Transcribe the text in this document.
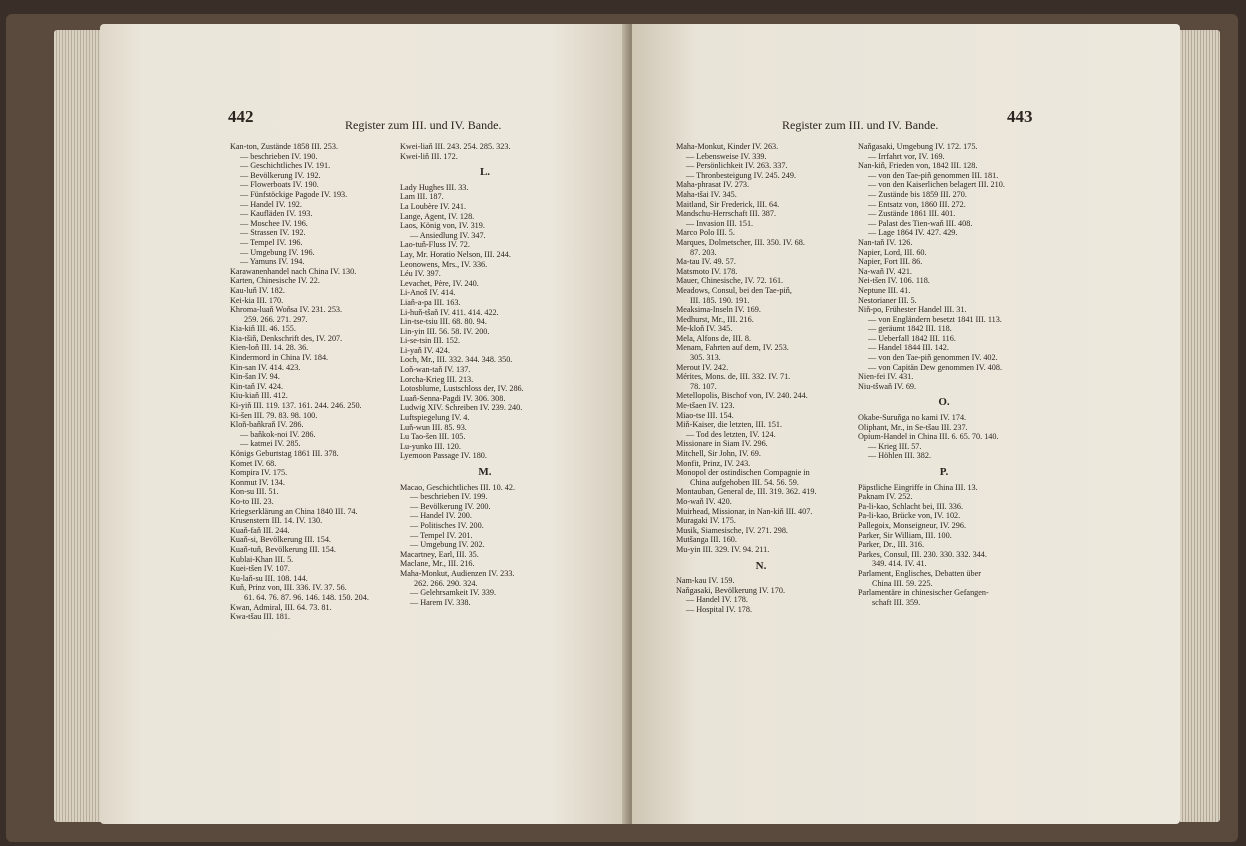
442	Register zum III. und IV. Bande.
Kan-ton, Zustände 1858 III. 253.
— beschrieben IV. 190.
— Geschichtliches IV. 191.
— Bevölkerung IV. 192.
— Flowerboats IV. 190.
— Fünfstöckige Pagode IV. 193.
— Handel IV. 192.
— Kaufläden IV. 193.
— Moschee IV. 196.
— Strassen IV. 192.
— Tempel IV. 196.
— Umgebung IV. 196.
— Yamuns IV. 194.
Karawanenhandel nach China IV. 130.
Karten, Chinesische IV. 22.
Kau-luň IV. 182.
Kei-kia III. 170.
Khroma-luaň Woňsa IV. 231. 253.
259. 266. 271. 297.
Kia-kiň III. 46. 155.
Kia-tšiň, Denkschrift des, IV. 207.
Kien-loň III. 14. 28. 36.
Kindermord in China IV. 184.
Kin-san IV. 414. 423.
Kin-šan IV. 94.
Kin-taň IV. 424.
Kiu-kiaň III. 412.
Ki-yiň III. 119. 137. 161. 244. 246. 250.
Ki-šen III. 79. 83. 98. 100.
Kloň-baňkraň IV. 286.
— baňkok-noi IV. 286.
— katmei IV. 285.
Königs Geburtstag 1861 III. 378.
Komet IV. 68.
Kompira IV. 175.
Konmut IV. 134.
Kon-su III. 51.
Ko-to III. 23.
Kriegserklärung an China 1840 III. 74.
Krusenstern III. 14. IV. 130.
Kuaň-faň III. 244.
Kuaň-si, Bevölkerung III. 154.
Kuaň-tuň, Bevölkerung III. 154.
Kublai-Khan III. 5.
Kuei-tšen IV. 107.
Ku-laň-su III. 108. 144.
Kuň, Prinz von, III. 336. IV. 37. 56.
61. 64. 76. 87. 96. 146. 148. 150. 204.
Kwan, Admiral, III. 64. 73. 81.
Kwa-tšau III. 181.
Kwei-liaň III. 243. 254. 285. 323.
Kwei-liň III. 172.
L.
Lady Hughes III. 33.
Lam III. 187.
La Loubère IV. 241.
Lange, Agent, IV. 128.
Laos, König von, IV. 319.
— Ansiedlung IV. 347.
Lao-tuň-Fluss IV. 72.
Lay, Mr. Horatio Nelson, III. 244.
Leonowens, Mrs., IV. 336.
Léu IV. 397.
Levachet, Père, IV. 240.
Li-Anoš IV. 414.
Liaň-a-pa III. 163.
Li-huň-tšaň IV. 411. 414. 422.
Lin-tse-tsiu III. 68. 80. 94.
Lin-yin III. 56. 58. IV. 200.
Li-se-tsin III. 152.
Li-yaň IV. 424.
Loch, Mr., III. 332. 344. 348. 350.
Loň-wan-taň IV. 137.
Lorcha-Krieg III. 213.
Lotosblume, Lustschloss der, IV. 286.
Luaň-Senna-Pagdi IV. 306. 308.
Ludwig XIV. Schreiben IV. 239. 240.
Luftspiegelung IV. 4.
Luň-wun III. 85. 93.
Lu Tao-šen III. 105.
Lu-yunko III. 120.
Lyemoon Passage IV. 180.
M.
Macao, Geschichtliches III. 10. 42.
— beschrieben IV. 199.
— Bevölkerung IV. 200.
— Handel IV. 200.
— Politisches IV. 200.
— Tempel IV. 201.
— Umgebung IV. 202.
Macartney, Earl, III. 35.
Maclane, Mr., III. 216.
Maha-Monkut, Audienzen IV. 233.
262. 266. 290. 324.
— Gelehrsamkeit IV. 339.
— Harem IV. 338.
Register zum III. und IV. Bande.	443
Maha-Monkut, Kinder IV. 263.
— Lebensweise IV. 339.
— Persönlichkeit IV. 263. 337.
— Thronbesteigung IV. 245. 249.
Maha-phrasat IV. 273.
Maha-tšai IV. 345.
Maitland, Sir Frederick, III. 64.
Mandschu-Herrschaft III. 387.
— Invasion III. 151.
Marco Polo III. 5.
Marques, Dolmetscher, III. 350. IV. 68.
87. 203.
Ma-tau IV. 49. 57.
Matsmoto IV. 178.
Mauer, Chinesische, IV. 72. 161.
Meadows, Consul, bei den Tae-piň,
III. 185. 190. 191.
Meaksima-Inseln IV. 169.
Medhurst, Mr., III. 216.
Me-kloň IV. 345.
Mela, Alfons de, III. 8.
Menam, Fahrten auf dem, IV. 253.
305. 313.
Merout IV. 242.
Mérites, Mons. de, III. 332. IV. 71.
78. 107.
Metellopolis, Bischof von, IV. 240. 244.
Me-tšaen IV. 123.
Miao-tse III. 154.
Miň-Kaiser, die letzten, III. 151.
— Tod des letzten, IV. 124.
Missionare in Siam IV. 296.
Mitchell, Sir John, IV. 69.
Monfit, Prinz, IV. 243.
Monopol der ostindischen Compagnie in
China aufgehoben III. 54. 56. 59.
Montauban, General de, III. 319. 362. 419.
Mo-waň IV. 420.
Muirhead, Missionar, in Nan-kiň III. 407.
Muragaki IV. 175.
Musik, Siamesische, IV. 271. 298.
Mutšanga III. 160.
Mu-yin III. 329. IV. 94. 211.
N.
Nam-kau IV. 159.
Naňgasaki, Bevölkerung IV. 170.
— Handel IV. 178.
— Hospital IV. 178.
Naňgasaki, Umgebung IV. 172. 175.
— Irrfahrt vor, IV. 169.
Nan-kiň, Frieden von, 1842 III. 128.
— von den Tae-piň genommen III. 181.
— von den Kaiserlichen belagert III. 210.
— Zustände bis 1859 III. 270.
— Entsatz von, 1860 III. 272.
— Zustände 1861 III. 401.
— Palast des Tien-waň III. 408.
— Lage 1864 IV. 427. 429.
Nan-taň IV. 126.
Napier, Lord, III. 60.
Napier, Fort III. 86.
Na-waň IV. 421.
Nei-tšen IV. 106. 118.
Neptune III. 41.
Nestorianer III. 5.
Niň-po, Frühester Handel III. 31.
— von Engländern besetzt 1841 III. 113.
— geräumt 1842 III. 118.
— Ueberfall 1842 III. 116.
— Handel 1844 III. 142.
— von den Tae-piň genommen IV. 402.
— von Capitän Dew genommen IV. 408.
Nien-fei IV. 431.
Niu-tšwaň IV. 69.
O.
Okabe-Suruňga no kami IV. 174.
Oliphant, Mr., in Se-tšau III. 237.
Opium-Handel in China III. 6. 65. 70. 140.
— Krieg III. 57.
— Höhlen III. 382.
P.
Päpstliche Eingriffe in China III. 13.
Paknam IV. 252.
Pa-li-kao, Schlacht bei, III. 336.
Pa-li-kao, Brücke von, IV. 102.
Pallegoix, Monseigneur, IV. 296.
Parker, Sir William, III. 100.
Parker, Dr., III. 316.
Parkes, Consul, III. 230. 330. 332. 344.
349. 414. IV. 41.
Parlament, Englisches, Debatten über
China III. 59. 225.
Parlamentäre in chinesischer Gefangen-
schaft III. 359.
